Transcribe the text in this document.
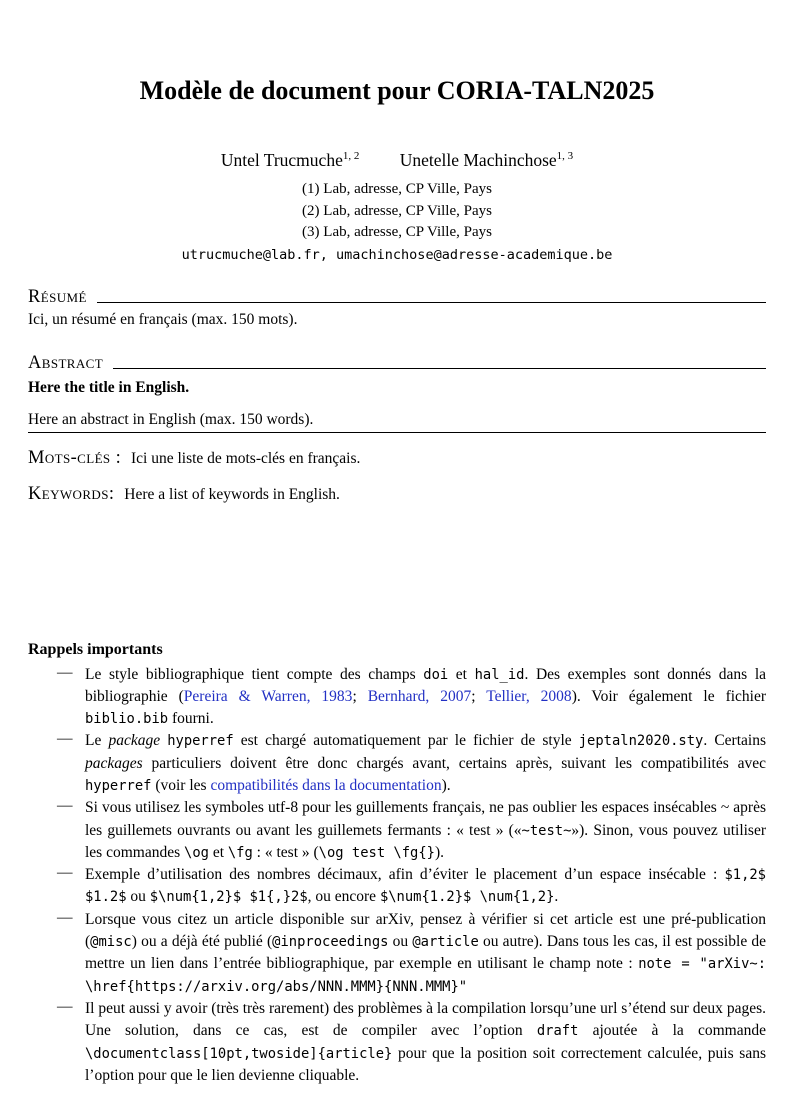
Modèle de document pour CORIA-TALN2025
Untel Trucmuche$^{1, 2}$ Unetelle Machinchose$^{1, 3}$
(1) Lab, adresse, CP Ville, Pays
(2) Lab, adresse, CP Ville, Pays
(3) Lab, adresse, CP Ville, Pays
utrucmuche@lab.fr, umachinchose@adresse-academique.be
Résumé
Ici, un résumé en français (max. 150 mots).
Abstract
Here the title in English.
Here an abstract in English (max. 150 words).
Mots-clés : Ici une liste de mots-clés en français.
Keywords: Here a list of keywords in English.
Rappels importants
— Le style bibliographique tient compte des champs doi et hal_id. Des exemples sont donnés dans la bibliographie (Pereira & Warren, 1983; Bernhard, 2007; Tellier, 2008). Voir également le fichier biblio.bib fourni.
— Le package hyperref est chargé automatiquement par le fichier de style jeptaln2020.sty. Certains packages particuliers doivent être donc chargés avant, certains après, suivant les compatibilités avec hyperref (voir les compatibilités dans la documentation).
— Si vous utilisez les symboles utf-8 pour les guillements français, ne pas oublier les espaces insécables ~ après les guillemets ouvrants ou avant les guillemets fermants : « test » («~test~»). Sinon, vous pouvez utiliser les commandes \og et \fg : « test » (\og test \fg{}).
— Exemple d’utilisation des nombres décimaux, afin d’éviter le placement d’un espace insécable : $1,2$ $1.2$ ou $\num{1,2}$ $1{,}2$, ou encore $\num{1.2}$ \num{1,2}.
— Lorsque vous citez un article disponible sur arXiv, pensez à vérifier si cet article est une pré-publication (@misc) ou a déjà été publié (@inproceedings ou @article ou autre). Dans tous les cas, il est possible de mettre un lien dans l’entrée bibliographique, par exemple en utilisant le champ note : note = "arXiv~: \href{https://arxiv.org/abs/NNN.MMM}{NNN.MMM}"
— Il peut aussi y avoir (très très rarement) des problèmes à la compilation lorsqu’une url s’étend sur deux pages. Une solution, dans ce cas, est de compiler avec l’option draft ajoutée à la commande \documentclass[10pt,twoside]{article} pour que la position soit correctement calculée, puis sans l’option pour que le lien devienne cliquable.
